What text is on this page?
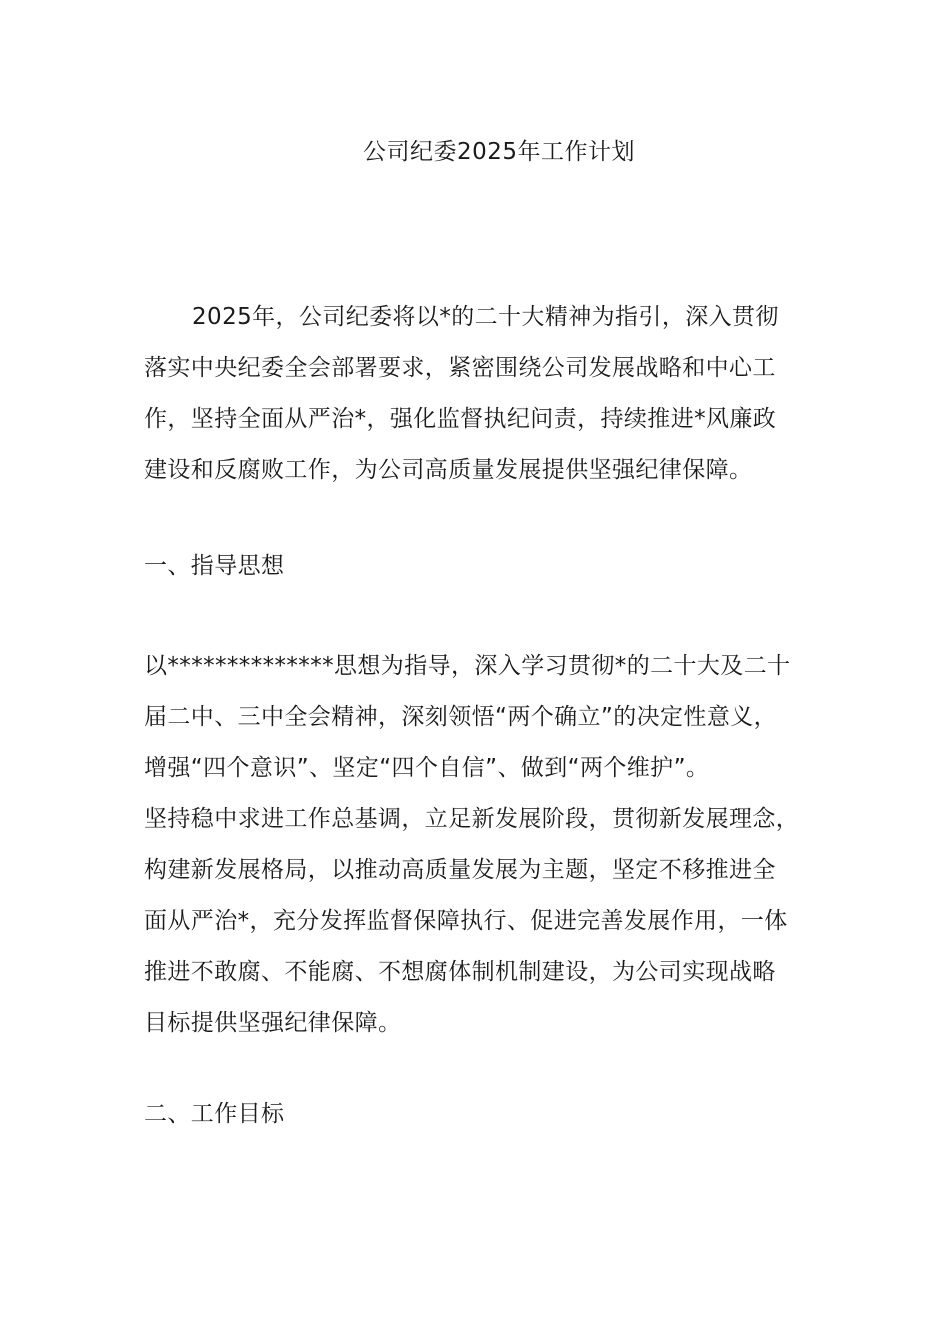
公司纪委2025年工作计划
2025年，公司纪委将以*的二十大精神为指引，深入贯彻
落实中央纪委全会部署要求，紧密围绕公司发展战略和中心工
作，坚持全面从严治*，强化监督执纪问责，持续推进*风廉政
建设和反腐败工作，为公司高质量发展提供坚强纪律保障。
一、指导思想
以**************思想为指导，深入学习贯彻*的二十大及二十
届二中、三中全会精神，深刻领悟“两个确立”的决定性意义，
增强“四个意识”、坚定“四个自信”、做到“两个维护”。
坚持稳中求进工作总基调，立足新发展阶段，贯彻新发展理念，
构建新发展格局，以推动高质量发展为主题，坚定不移推进全
面从严治*，充分发挥监督保障执行、促进完善发展作用，一体
推进不敢腐、不能腐、不想腐体制机制建设，为公司实现战略
目标提供坚强纪律保障。
二、工作目标
